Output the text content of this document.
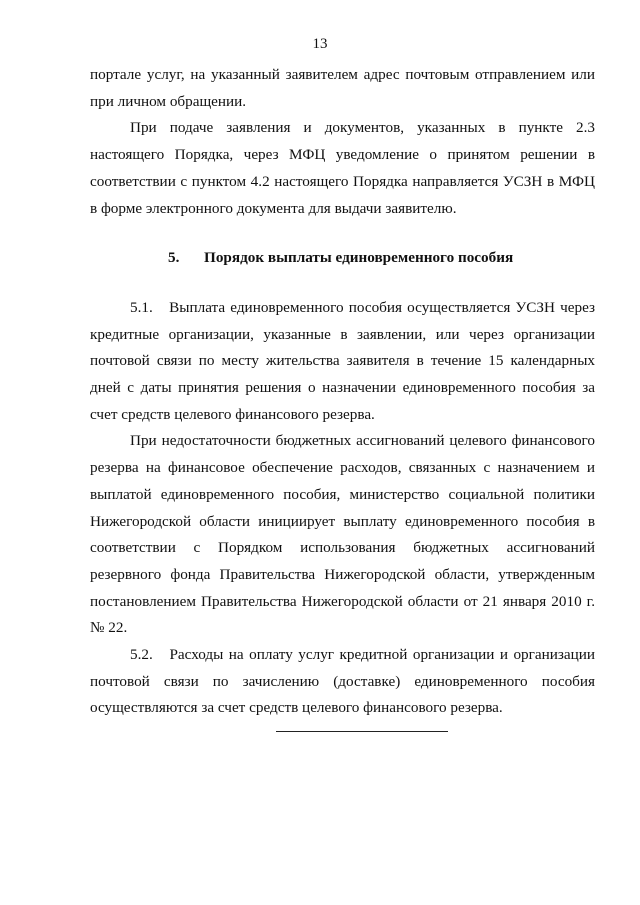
13

порталe услуг, на указанный заявителем адрес почтовым отправлением или при личном обращении.

При подаче заявления и документов, указанных в пункте 2.3 настоящего Порядка, через МФЦ уведомление о принятом решении в соответствии с пунктом 4.2 настоящего Порядка направляется УСЗН в МФЦ в форме электронного документа для выдачи заявителю.

5. Порядок выплаты единовременного пособия

5.1. Выплата единовременного пособия осуществляется УСЗН через кредитные организации, указанные в заявлении, или через организации почтовой связи по месту жительства заявителя в течение 15 календарных дней с даты принятия решения о назначении единовременного пособия за счет средств целевого финансового резерва.

При недостаточности бюджетных ассигнований целевого финансового резерва на финансовое обеспечение расходов, связанных с назначением и выплатой единовременного пособия, министерство социальной политики Нижегородской области инициирует выплату единовременного пособия в соответствии с Порядком использования бюджетных ассигнований резервного фонда Правительства Нижегородской области, утвержденным постановлением Правительства Нижегородской области от 21 января 2010 г. № 22.

5.2. Расходы на оплату услуг кредитной организации и организации почтовой связи по зачислению (доставке) единовременного пособия осуществляются за счет средств целевого финансового резерва.
